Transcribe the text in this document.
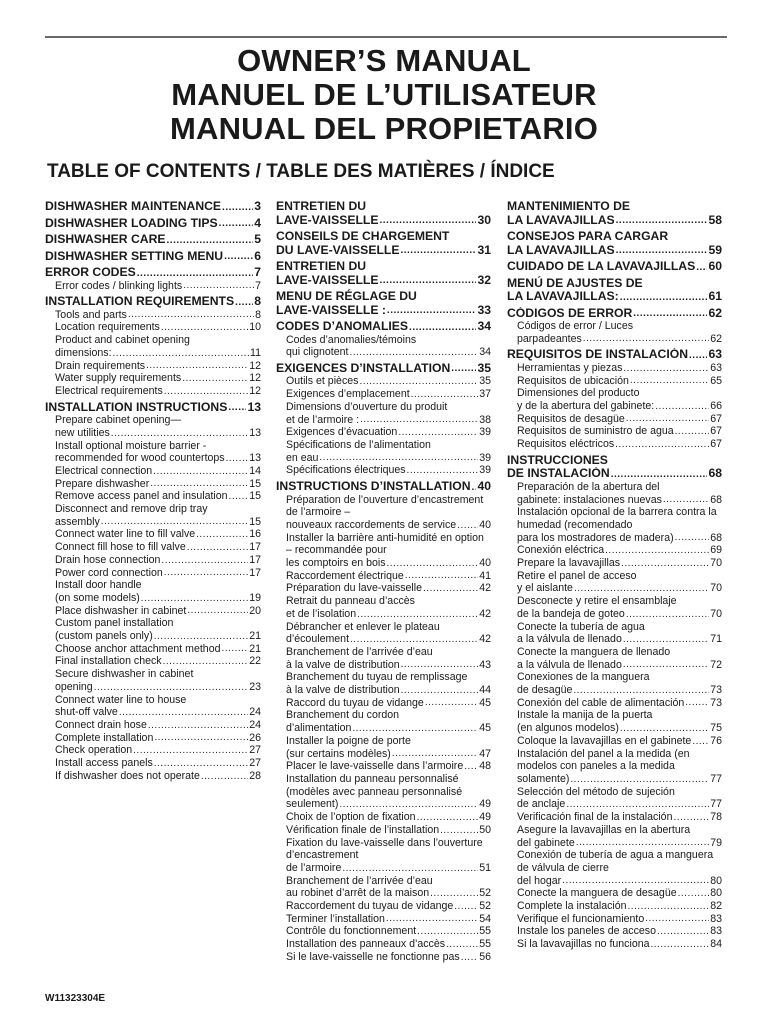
OWNER’S MANUAL
MANUEL DE L’UTILISATEUR
MANUAL DEL PROPIETARIO
TABLE OF CONTENTS / TABLE DES MATIÈRES / ÍNDICE
DISHWASHER MAINTENANCE .....	3
DISHWASHER LOADING TIPS .....	4
DISHWASHER CARE .....	5
DISHWASHER SETTING MENU .....	6
ERROR CODES .....	7
Error codes / blinking lights .....	7
INSTALLATION REQUIREMENTS ..... 8
Tools and parts .....	8
Location requirements .....	10
Product and cabinet opening
dimensions: .....	11
Drain requirements .....	12
Water supply requirements .....	12
Electrical requirements .....	12
INSTALLATION INSTRUCTIONS ..... 13
Prepare cabinet opening—
new utilities .....	13
Install optional moisture barrier -
recommended for wood countertops ..... 13
Electrical connection .....	14
Prepare dishwasher .....	15
Remove access panel and insulation ..... 15
Disconnect and remove drip tray
assembly .....	15
Connect water line to fill valve .....	16
Connect fill hose to fill valve .....	17
Drain hose connection .....	17
Power cord connection .....	17
Install door handle
(on some models) .....	19
Place dishwasher in cabinet .....	20
Custom panel installation
(custom panels only) .....	21
Choose anchor attachment method .....	21
Final installation check .....	22
Secure dishwasher in cabinet
opening .....	23
Connect water line to house
shut-off valve .....	24
Connect drain hose .....	24
Complete installation .....	26
Check operation .....	27
Install access panels .....	27
If dishwasher does not operate .....	28
ENTRETIEN DU
LAVE-VAISSELLE .....	30
CONSEILS DE CHARGEMENT
DU LAVE-VAISSELLE .....	31
ENTRETIEN DU
LAVE-VAISSELLE .....	32
MENU DE RÉGLAGE DU
LAVE-VAISSELLE : .....	33
CODES D’ANOMALIES .....	34
Codes d’anomalies/témoins
qui clignotent .....	34
EXIGENCES D’INSTALLATION ..... 35
Outils et pièces .....	35
Exigences d’emplacement .....	37
Dimensions d’ouverture du produit
et de l’armoire : .....	38
Exigences d’évacuation .....	39
Spécifications de l’alimentation
en eau .....	39
Spécifications électriques .....	39
INSTRUCTIONS D’INSTALLATION ..... 40
Préparation de l’ouverture d’encastrement de l’armoire –
nouveaux raccordements de service ..... 40
Installer la barrière anti-humidité en option – recommandée pour
les comptoirs en bois .....	40
Raccordement électrique .....	41
Préparation du lave-vaisselle .....	42
Retrait du panneau d’accès
et de l’isolation .....	42
Débrancher et enlever le plateau
d’écoulement .....	42
Branchement de l’arrivée d’eau
à la valve de distribution .....	43
Branchement du tuyau de remplissage
à la valve de distribution .....	44
Raccord du tuyau de vidange .....	45
Branchement du cordon
d’alimentation .....	45
Installer la poigne de porte
(sur certains modèles) .....	47
Placer le lave-vaisselle dans l’armoire ..... 48
Installation du panneau personnalisé (modèles avec panneau personnalisé
seulement) .....	49
Choix de l’option de fixation .....	49
Vérification finale de l’installation .....	50
Fixation du lave-vaisselle dans l’ouverture d’encastrement
de l’armoire .....	51
Branchement de l’arrivée d’eau
au robinet d’arrêt de la maison .....	52
Raccordement du tuyau de vidange ..... 52
Terminer l’installation .....	54
Contrôle du fonctionnement .....	55
Installation des panneaux d’accès .....	55
Si le lave-vaisselle ne fonctionne pas ..... 56
MANTENIMIENTO DE
LA LAVAVAJILLAS .....	58
CONSEJOS PARA CARGAR
LA LAVAVAJILLAS .....	59
CUIDADO DE LA LAVAVAJILLAS ..... 60
MENÚ DE AJUSTES DE
LA LAVAVAJILLAS: .....	61
CÓDIGOS DE ERROR .....	62
Códigos de error / Luces
parpadeantes .....	62
REQUISITOS DE INSTALACIÓN ..... 63
Herramientas y piezas .....	63
Requisitos de ubicación .....	65
Dimensiones del producto
y de la abertura del gabinete: .....	66
Requisitos de desagüe .....	67
Requisitos de suministro de agua .....	67
Requisitos eléctricos .....	67
INSTRUCCIONES
DE INSTALACIÓN .....	68
Preparación de la abertura del
gabinete: instalaciones nuevas .....	68
Instalación opcional de la barrera contra la humedad (recomendado
para los mostradores de madera) .....	68
Conexión eléctrica .....	69
Prepare la lavavajillas .....	70
Retire el panel de acceso
y el aislante .....	70
Desconecte y retire el ensamblaje
de la bandeja de goteo .....	70
Conecte la tubería de agua
a la válvula de llenado .....	71
Conecte la manguera de llenado
a la válvula de llenado .....	72
Conexiones de la manguera
de desagüe .....	73
Conexión del cable de alimentación ..... 73
Instale la manija de la puerta
(en algunos modelos) .....	75
Coloque la lavavajillas en el gabinete ..... 76
Instalación del panel a la medida (en modelos con paneles a la medida
solamente) .....	77
Selección del método de sujeción
de anclaje .....	77
Verificación final de la instalación .....	78
Asegure la lavavajillas en la abertura
del gabinete .....	79
Conexión de tubería de agua a manguera de válvula de cierre
del hogar .....	80
Conecte la manguera de desagüe .....	80
Complete la instalación .....	82
Verifique el funcionamiento .....	83
Instale los paneles de acceso .....	83
Si la lavavajillas no funciona .....	84
W11323304E
